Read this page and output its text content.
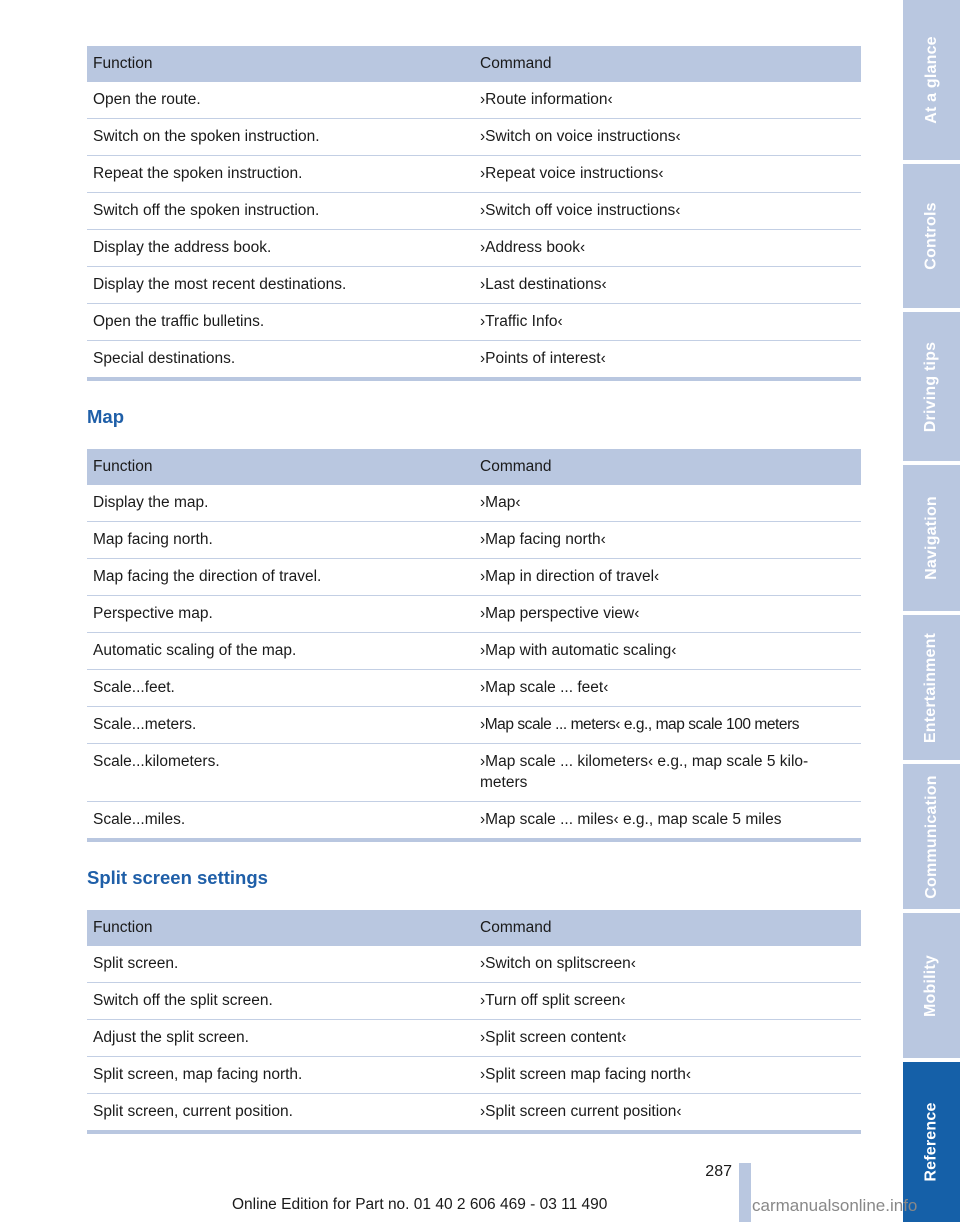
Function	Command
Open the route.	›Route information‹
Switch on the spoken instruction.	›Switch on voice instructions‹
Repeat the spoken instruction.	›Repeat voice instructions‹
Switch off the spoken instruction.	›Switch off voice instructions‹
Display the address book.	›Address book‹
Display the most recent destinations.	›Last destinations‹
Open the traffic bulletins.	›Traffic Info‹
Special destinations.	›Points of interest‹
Map
Function	Command
Display the map.	›Map‹
Map facing north.	›Map facing north‹
Map facing the direction of travel.	›Map in direction of travel‹
Perspective map.	›Map perspective view‹
Automatic scaling of the map.	›Map with automatic scaling‹
Scale...feet.	›Map scale ... feet‹
Scale...meters.	›Map scale ... meters‹ e.g., map scale 100 meters
Scale...kilometers.	›Map scale ... kilometers‹ e.g., map scale 5 kilo‐meters
Scale...miles.	›Map scale ... miles‹ e.g., map scale 5 miles
Split screen settings
Function	Command
Split screen.	›Switch on splitscreen‹
Switch off the split screen.	›Turn off split screen‹
Adjust the split screen.	›Split screen content‹
Split screen, map facing north.	›Split screen map facing north‹
Split screen, current position.	›Split screen current position‹
At a glance
Controls
Driving tips
Navigation
Entertainment
Communication
Mobility
Reference
287
Online Edition for Part no. 01 40 2 606 469 - 03 11 490	carmanualsonline.info
